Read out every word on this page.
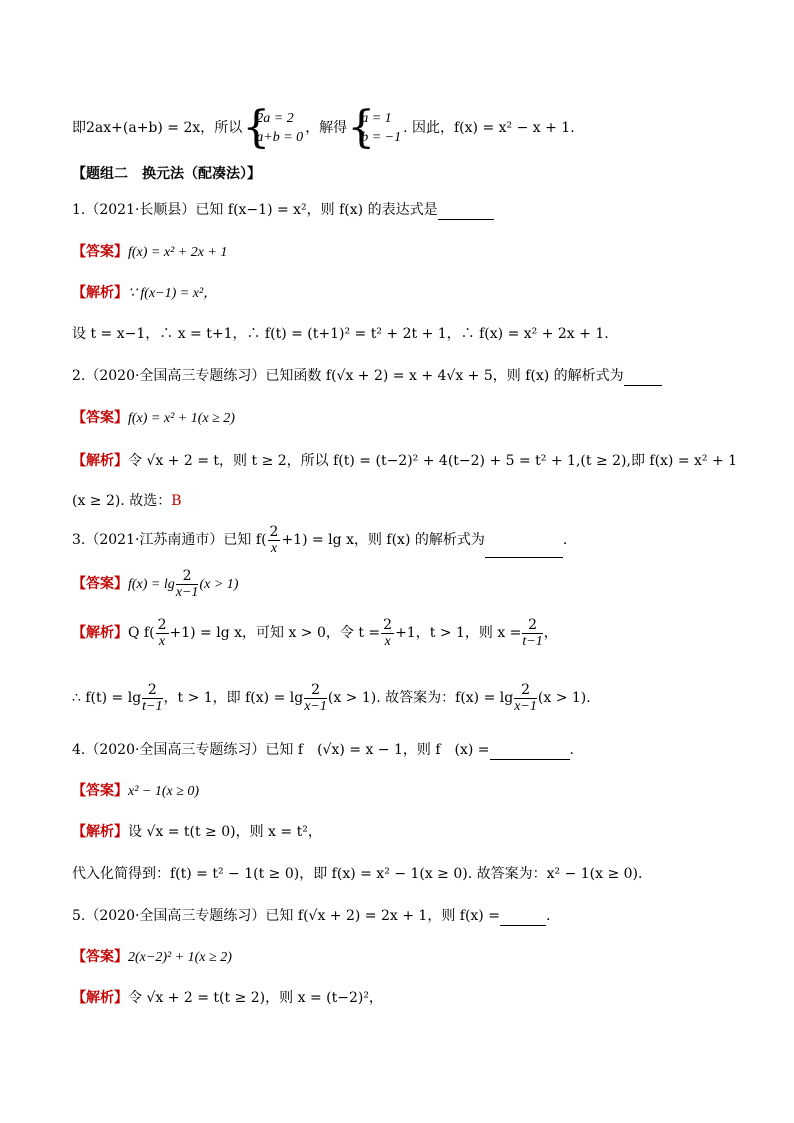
即2ax+(a+b) = 2x，所以
{ 2a = 2
a+b = 0
，解得
{ a = 1
b = −1
. 因此，f(x) = x² − x + 1.
【题组二　换元法（配凑法）】
1.（2021·长顺县）已知 f(x−1) = x²，则 f(x) 的表达式是
【答案】f(x) = x² + 2x + 1
【解析】∵ f(x−1) = x²，
设 t = x−1，∴ x = t+1，∴ f(t) = (t+1)² = t² + 2t + 1，∴ f(x) = x² + 2x + 1.
2.（2020·全国高三专题练习）已知函数 f(√x + 2) = x + 4√x + 5，则 f(x) 的解析式为
【答案】f(x) = x² + 1(x ≥ 2)
【解析】令 √x + 2 = t，则 t ≥ 2，所以 f(t) = (t−2)² + 4(t−2) + 5 = t² + 1,(t ≥ 2),即 f(x) = x² + 1
(x ≥ 2). 故选：B
3.（2021·江苏南通市）已知 $f( \frac{2}{x} +1) = \lg x$，则 f(x) 的解析式为	.
【答案】$f(x) = \lg \frac{2}{x-1} (x > 1)$
【解析】Q $f( \frac{2}{x} +1) = \lg x$，可知 x > 0，令 $t = \frac{2}{x} +1$，t > 1，则 $x = \frac{2}{t-1}$ ，
∴ $f(t) = \lg \frac{2}{t-1}$ ，t > 1，即 $f(x) = \lg \frac{2}{x-1} (x > 1)$. 故答案为：$f(x) = \lg \frac{2}{x-1} (x > 1)$.
4.（2020·全国高三专题练习）已知 f　(√x) = x − 1，则 f　(x) =	.
【答案】x² − 1(x ≥ 0)
【解析】设 √x = t(t ≥ 0)，则 x = t²，
代入化简得到：f(t) = t² − 1(t ≥ 0)，即 f(x) = x² − 1(x ≥ 0). 故答案为：x² − 1(x ≥ 0).
5.（2020·全国高三专题练习）已知 f(√x + 2) = 2x + 1，则 f(x) =	.
【答案】2(x−2)² + 1(x ≥ 2)
【解析】令 √x + 2 = t(t ≥ 2)，则 x = (t−2)²，
